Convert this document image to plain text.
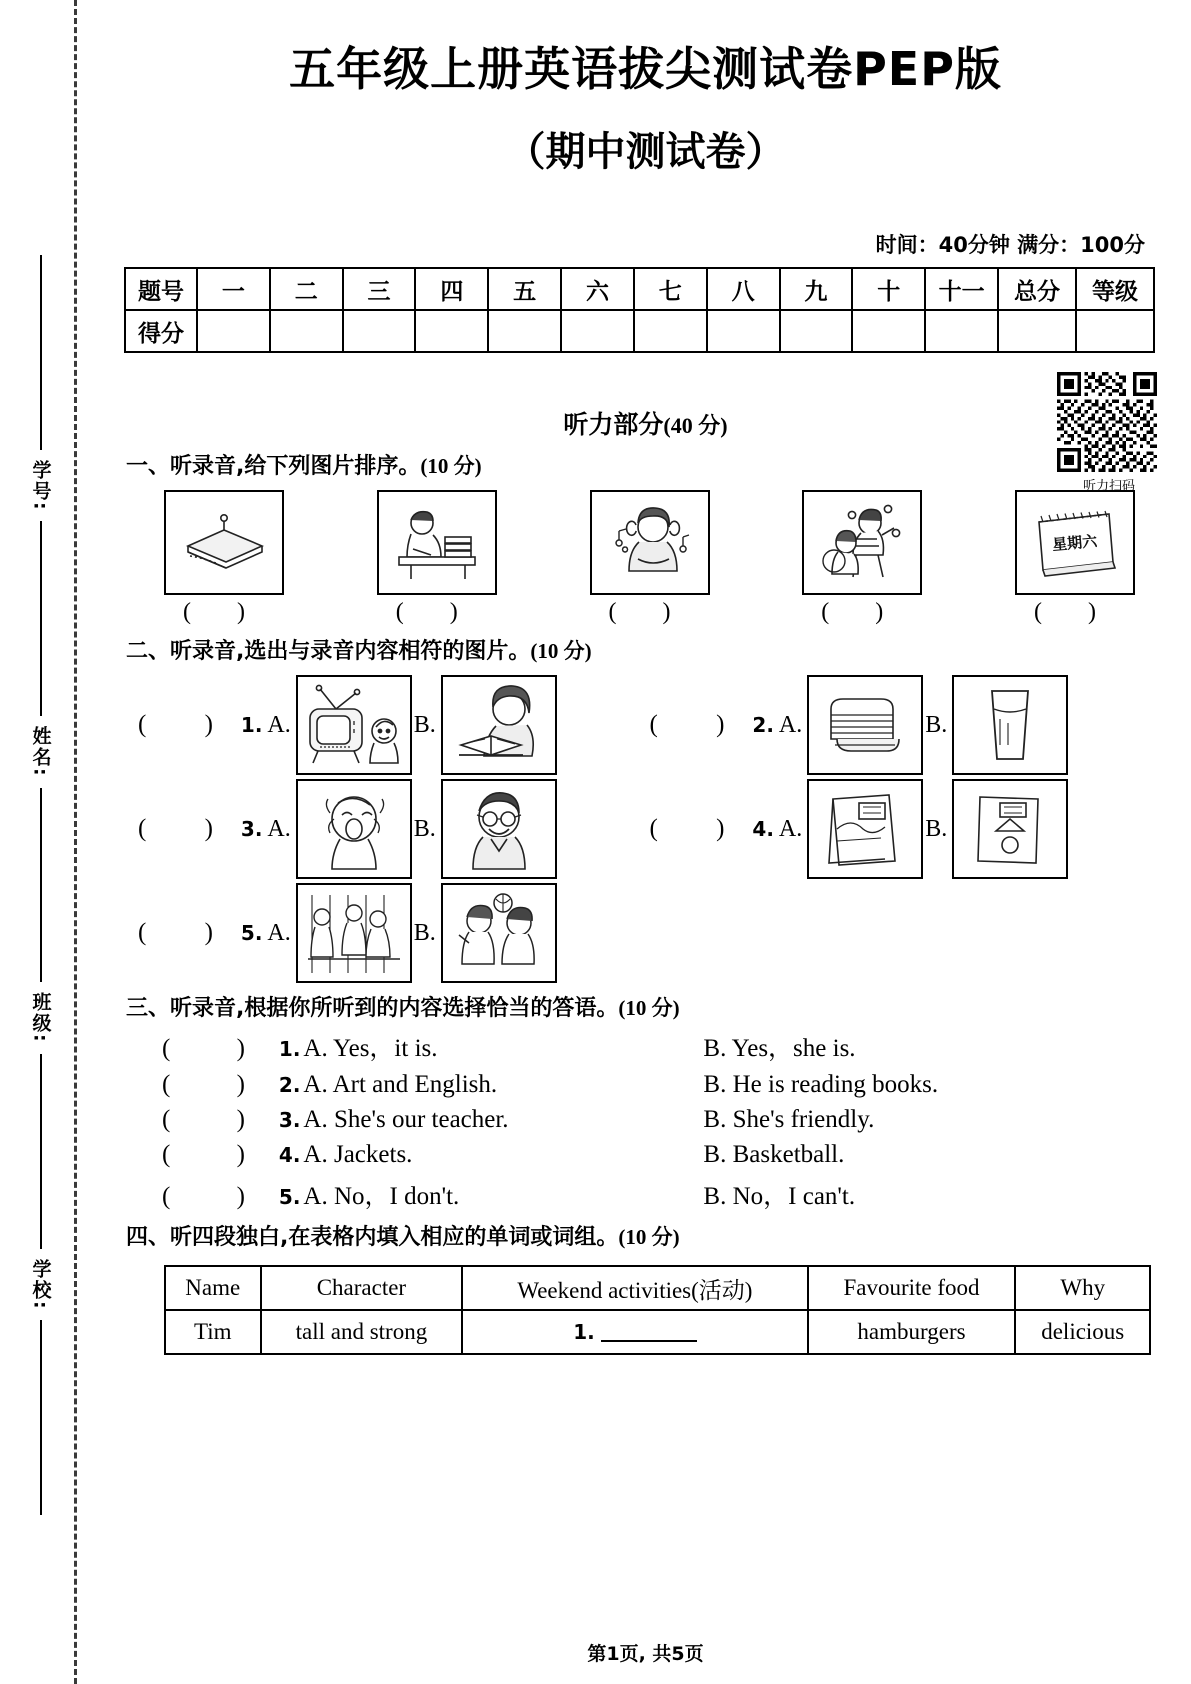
学号:
姓名:
班级:
学校:
五年级上册英语拔尖测试卷PEP版
（期中测试卷）
时间：40分钟 满分：100分
题号	一	二	三	四	五	六	七	八	九	十	十一	总分	等级
得分													
听力扫码
听力部分(40 分)
一、听录音,给下列图片排序。(10 分)
星期六
( )	( )	( )	( )	( )
二、听录音,选出与录音内容相符的图片。(10 分)
( ) 1. A.	B.	( ) 2. A.	B.
( ) 3. A.	B.	( ) 4. A.	B.
( ) 5. A.	B.
三、听录音,根据你所听到的内容选择恰当的答语。(10 分)
( ) 1. A. Yes，it is.	B. Yes，she is.
( ) 2. A. Art and English.	B. He is reading books.
( ) 3. A. She's our teacher.	B. She's friendly.
( ) 4. A. Jackets.	B. Basketball.
( ) 5. A. No，I don't.	B. No，I can't.
四、听四段独白,在表格内填入相应的单词或词组。(10 分)
Name	Character	Weekend activities(活动)	Favourite food	Why
Tim	tall and strong	1.	hamburgers	delicious
第1页, 共5页
